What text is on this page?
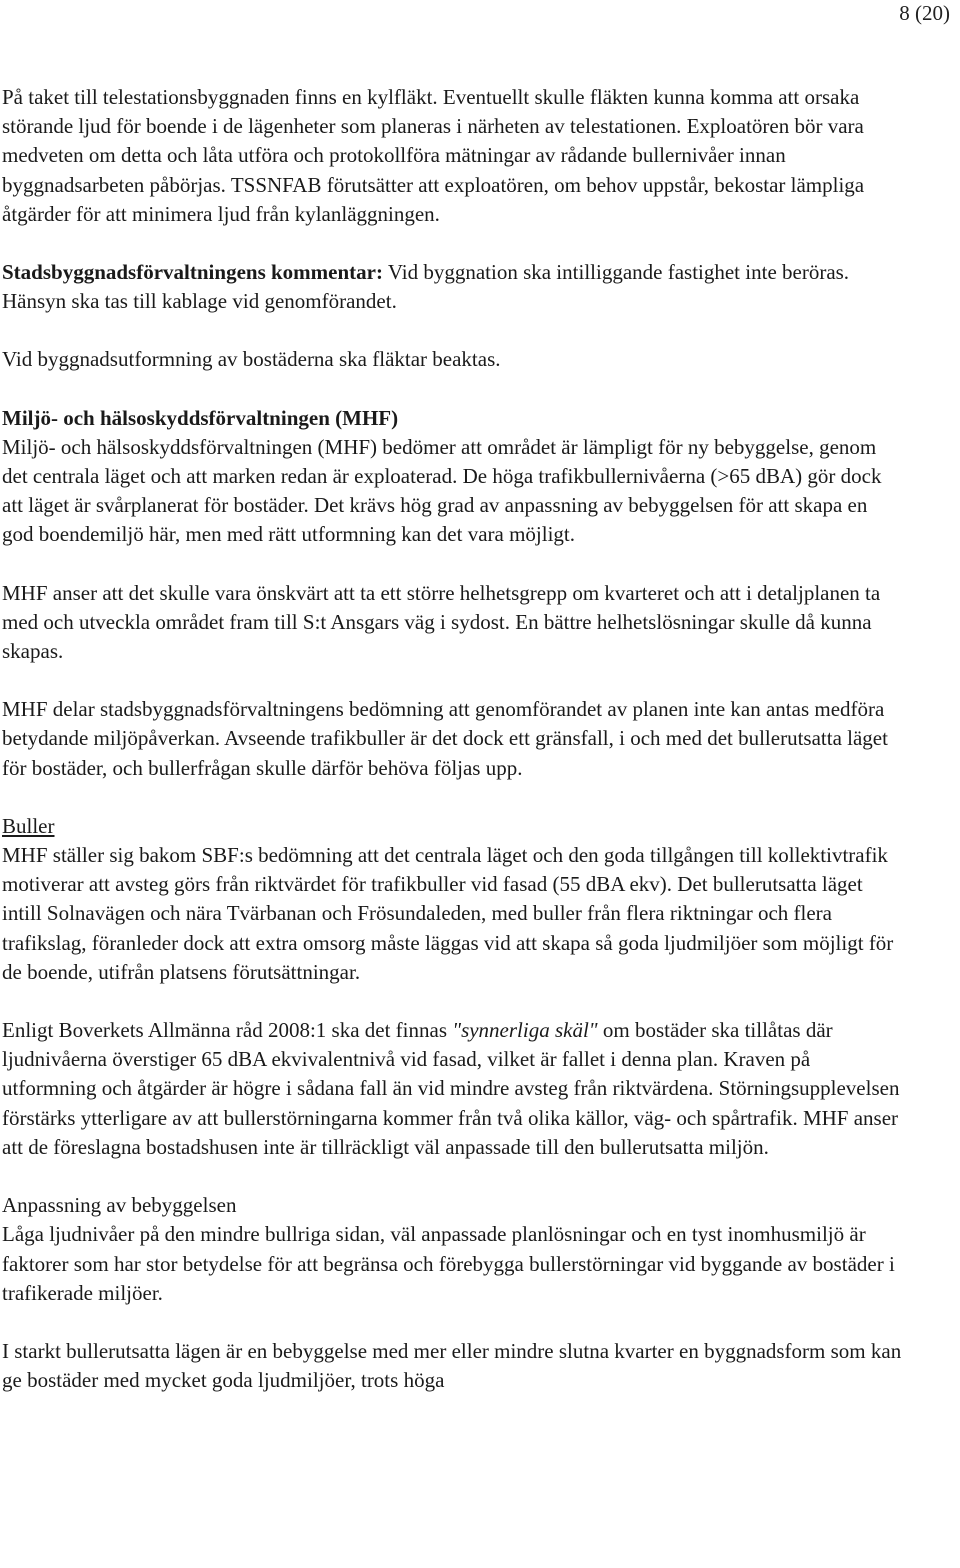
8 (20)

På taket till telestationsbyggnaden finns en kylfläkt. Eventuellt skulle fläkten kunna komma att orsaka störande ljud för boende i de lägenheter som planeras i närheten av telestationen. Exploatören bör vara medveten om detta och låta utföra och protokollföra mätningar av rådande bullernivåer innan byggnadsarbeten påbörjas. TSSNFAB förutsätter att exploatören, om behov uppstår, bekostar lämpliga åtgärder för att minimera ljud från kylanläggningen.

Stadsbyggnadsförvaltningens kommentar: Vid byggnation ska intilliggande fastighet inte beröras. Hänsyn ska tas till kablage vid genomförandet.

Vid byggnadsutformning av bostäderna ska fläktar beaktas.

Miljö- och hälsoskyddsförvaltningen (MHF)
Miljö- och hälsoskyddsförvaltningen (MHF) bedömer att området är lämpligt för ny bebyggelse, genom det centrala läget och att marken redan är exploaterad. De höga trafikbullernivåerna (>65 dBA) gör dock att läget är svårplanerat för bostäder. Det krävs hög grad av anpassning av bebyggelsen för att skapa en god boendemiljö här, men med rätt utformning kan det vara möjligt.

MHF anser att det skulle vara önskvärt att ta ett större helhetsgrepp om kvarteret och att i detaljplanen ta med och utveckla området fram till S:t Ansgars väg i sydost. En bättre helhetslösningar skulle då kunna skapas.

MHF delar stadsbyggnadsförvaltningens bedömning att genomförandet av planen inte kan antas medföra betydande miljöpåverkan. Avseende trafikbuller är det dock ett gränsfall, i och med det bullerutsatta läget för bostäder, och bullerfrågan skulle därför behöva följas upp.

Buller
MHF ställer sig bakom SBF:s bedömning att det centrala läget och den goda tillgången till kollektivtrafik motiverar att avsteg görs från riktvärdet för trafikbuller vid fasad (55 dBA ekv). Det bullerutsatta läget intill Solnavägen och nära Tvärbanan och Frösundaleden, med buller från flera riktningar och flera trafikslag, föranleder dock att extra omsorg måste läggas vid att skapa så goda ljudmiljöer som möjligt för de boende, utifrån platsens förutsättningar.

Enligt Boverkets Allmänna råd 2008:1 ska det finnas "synnerliga skäl" om bostäder ska tillåtas där ljudnivåerna överstiger 65 dBA ekvivalentnivå vid fasad, vilket är fallet i denna plan. Kraven på utformning och åtgärder är högre i sådana fall än vid mindre avsteg från riktvärdena. Störningsupplevelsen förstärks ytterligare av att bullerstörningarna kommer från två olika källor, väg- och spårtrafik. MHF anser att de föreslagna bostadshusen inte är tillräckligt väl anpassade till den bullerutsatta miljön.

Anpassning av bebyggelsen
Låga ljudnivåer på den mindre bullriga sidan, väl anpassade planlösningar och en tyst inomhusmiljö är faktorer som har stor betydelse för att begränsa och förebygga bullerstörningar vid byggande av bostäder i trafikerade miljöer.

I starkt bullerutsatta lägen är en bebyggelse med mer eller mindre slutna kvarter en byggnadsform som kan ge bostäder med mycket goda ljudmiljöer, trots höga
